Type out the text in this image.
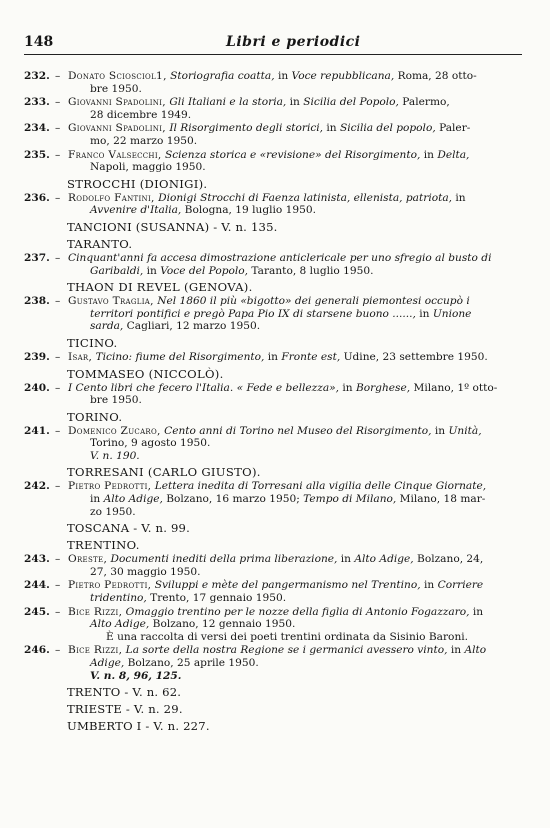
148	Libri e periodici
232. – Donato Sciosciol1, Storiografia coatta, in Voce repubblicana, Roma, 28 otto-
bre 1950.
233. – Giovanni Spadolini, Gli Italiani e la storia, in Sicilia del Popolo, Palermo,
28 dicembre 1949.
234. – Giovanni Spadolini, Il Risorgimento degli storici, in Sicilia del popolo, Paler-
mo, 22 marzo 1950.
235. – Franco Valsecchi, Scienza storica e «revisione» del Risorgimento, in Delta,
Napoli, maggio 1950.
STROCCHI (DIONIGI).
236. – Rodolfo Fantini, Dionigi Strocchi di Faenza latinista, ellenista, patriota, in
Avvenire d'Italia, Bologna, 19 luglio 1950.
TANCIONI (SUSANNA) - V. n. 135.
TARANTO.
237. – Cinquant'anni fa accesa dimostrazione anticlericale per uno sfregio al busto di
Garibaldi, in Voce del Popolo, Taranto, 8 luglio 1950.
THAON DI REVEL (GENOVA).
238. – Gustavo Traglia, Nel 1860 il più «bigotto» dei generali piemontesi occupò i
territori pontifici e pregò Papa Pio IX di starsene buono ......, in Unione
sarda, Cagliari, 12 marzo 1950.
TICINO.
239. – Isar, Ticino: fiume del Risorgimento, in Fronte est, Udine, 23 settembre 1950.
TOMMASEO (NICCOLÒ).
240. – I Cento libri che fecero l'Italia. « Fede e bellezza», in Borghese, Milano, 1º otto-
bre 1950.
TORINO.
241. – Domenico Zucaro, Cento anni di Torino nel Museo del Risorgimento, in Unità,
Torino, 9 agosto 1950.
V. n. 190.
TORRESANI (CARLO GIUSTO).
242. – Pietro Pedrotti, Lettera inedita di Torresani alla vigilia delle Cinque Giornate,
in Alto Adige, Bolzano, 16 marzo 1950; Tempo di Milano, Milano, 18 mar-
zo 1950.
TOSCANA - V. n. 99.
TRENTINO.
243. – Oreste, Documenti inediti della prima liberazione, in Alto Adige, Bolzano, 24,
27, 30 maggio 1950.
244. – Pietro Pedrotti, Sviluppi e mète del pangermanismo nel Trentino, in Corriere
tridentino, Trento, 17 gennaio 1950.
245. – Bice Rizzi, Omaggio trentino per le nozze della figlia di Antonio Fogazzaro, in
Alto Adige, Bolzano, 12 gennaio 1950.
È una raccolta di versi dei poeti trentini ordinata da Sisinio Baroni.
246. – Bice Rizzi, La sorte della nostra Regione se i germanici avessero vinto, in Alto
Adige, Bolzano, 25 aprile 1950.
V. n. 8, 96, 125.
TRENTO - V. n. 62.
TRIESTE - V. n. 29.
UMBERTO I - V. n. 227.
